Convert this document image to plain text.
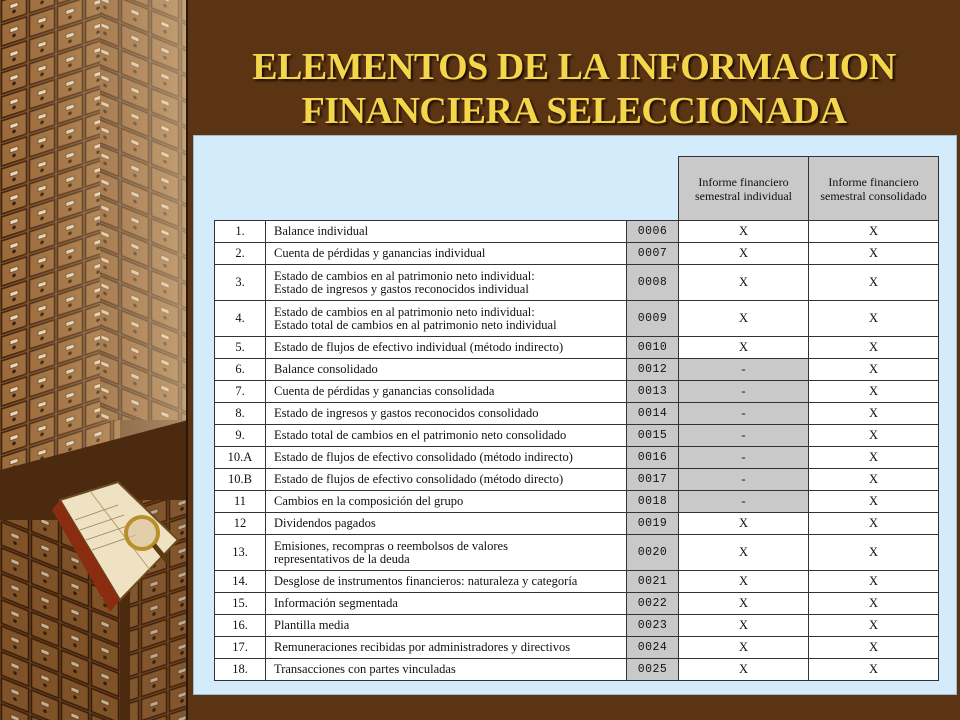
ELEMENTOS DE LA INFORMACION
FINANCIERA SELECCIONADA
			Informe financiero semestral individual	Informe financiero semestral consolidado
1.	Balance individual	0006	X	X
2.	Cuenta de pérdidas y ganancias individual	0007	X	X
3.	Estado de cambios en al patrimonio neto individual:
Estado de ingresos y gastos reconocidos individual	0008	X	X
4.	Estado de cambios en al patrimonio neto individual:
Estado total de cambios en al patrimonio neto individual	0009	X	X
5.	Estado de flujos de efectivo individual (método indirecto)	0010	X	X
6.	Balance consolidado	0012	-	X
7.	Cuenta de pérdidas y ganancias consolidada	0013	-	X
8.	Estado de ingresos y gastos reconocidos consolidado	0014	-	X
9.	Estado total de cambios en el patrimonio neto consolidado	0015	-	X
10.A	Estado de flujos de efectivo consolidado (método indirecto)	0016	-	X
10.B	Estado de flujos de efectivo consolidado (método directo)	0017	-	X
11	Cambios en la composición del grupo	0018	-	X
12	Dividendos pagados	0019	X	X
13.	Emisiones, recompras o reembolsos de valores
representativos de la deuda	0020	X	X
14.	Desglose de instrumentos financieros: naturaleza y categoría	0021	X	X
15.	Información segmentada	0022	X	X
16.	Plantilla media	0023	X	X
17.	Remuneraciones recibidas por administradores y directivos	0024	X	X
18.	Transacciones con partes vinculadas	0025	X	X
